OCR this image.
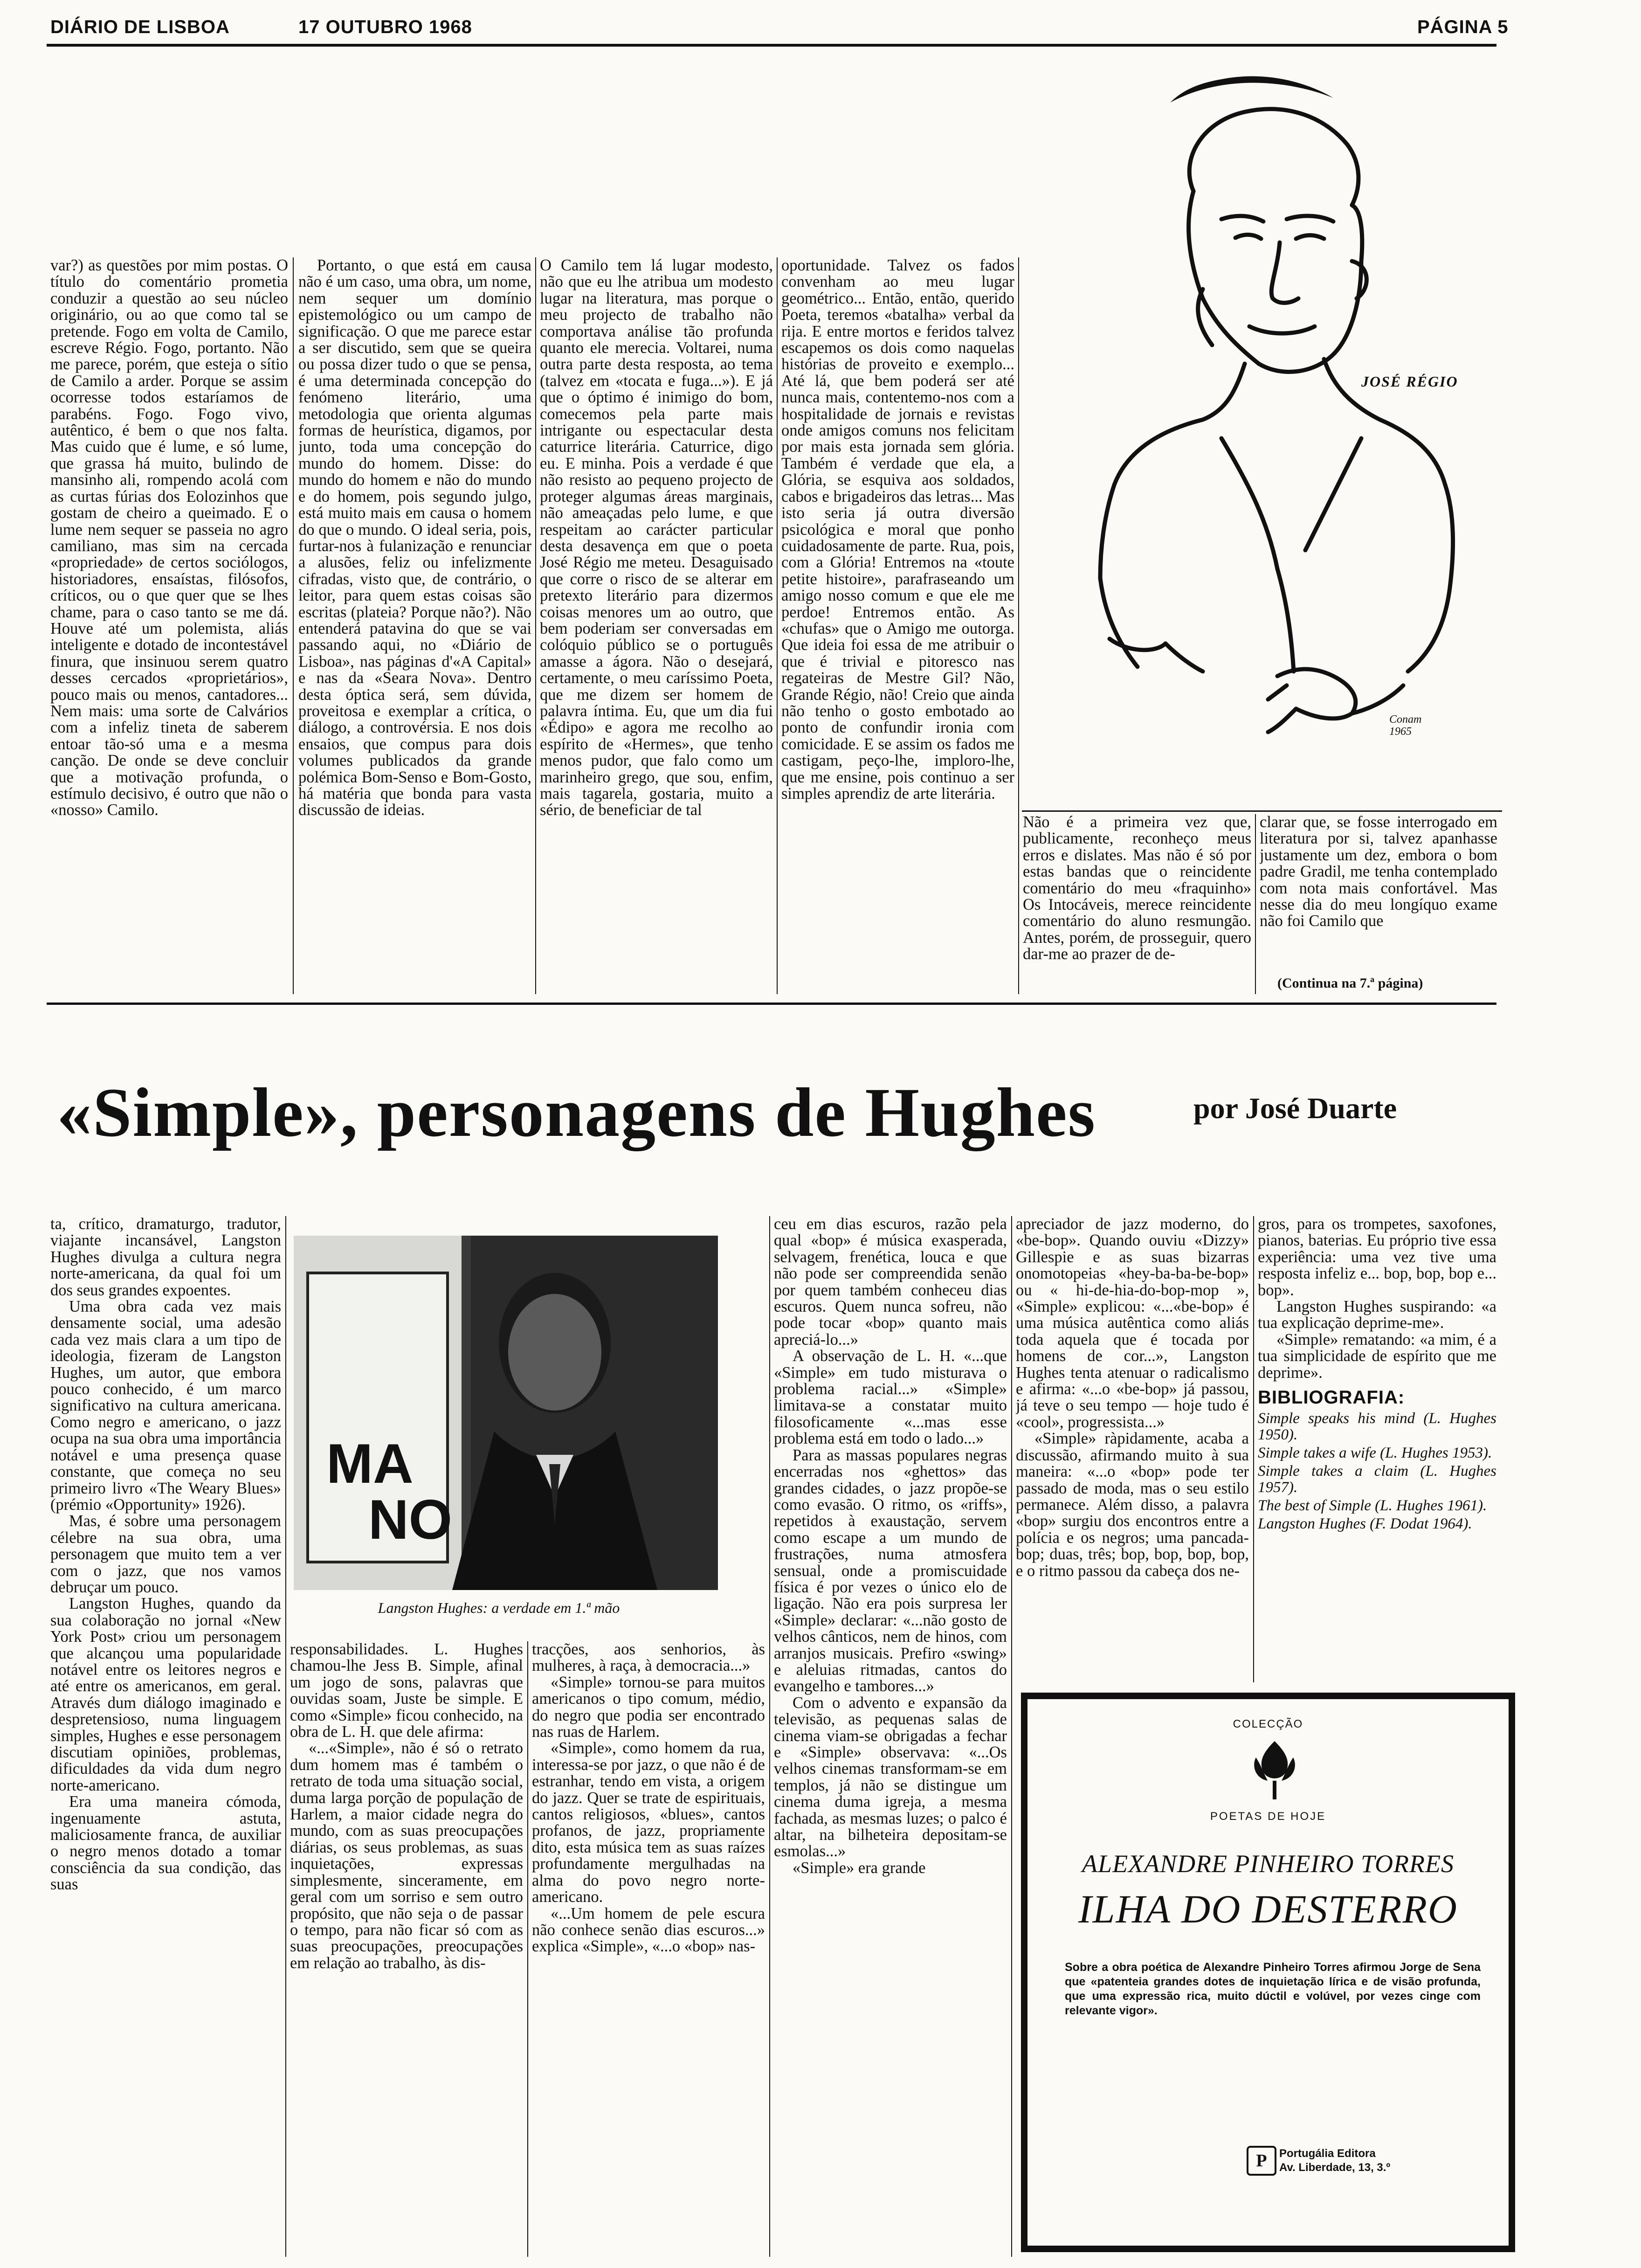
DIÁRIO DE LISBOA	17 OUTUBRO 1968	PÁGINA 5
JOSÉ RÉGIO
Conam 1965

var?) as questões por mim postas. O título do comentário prometia conduzir a questão ao seu núcleo originário, ou ao que como tal se pretende. Fogo em volta de Camilo, escreve Régio. Fogo, portanto. Não me parece, porém, que esteja o sítio de Camilo a arder. Porque se assim ocorresse todos estaríamos de parabéns. Fogo. Fogo vivo, autêntico, é bem o que nos falta. Mas cuido que é lume, e só lume, que grassa há muito, bulindo de mansinho ali, rompendo acolá com as curtas fúrias dos Eolozinhos que gostam de cheiro a queimado. E o lume nem sequer se passeia no agro camiliano, mas sim na cercada «propriedade» de certos sociólogos, historiadores, ensaístas, filósofos, críticos, ou o que quer que se lhes chame, para o caso tanto se me dá. Houve até um polemista, aliás inteligente e dotado de incontestável finura, que insinuou serem quatro desses cercados «proprietários», pouco mais ou menos, cantadores... Nem mais: uma sorte de Calvários com a infeliz tineta de saberem entoar tão-só uma e a mesma canção. De onde se deve concluir que a motivação profunda, o estímulo decisivo, é outro que não o «nosso» Camilo.

Portanto, o que está em causa não é um caso, uma obra, um nome, nem sequer um domínio epistemológico ou um campo de significação. O que me parece estar a ser discutido, sem que se queira ou possa dizer tudo o que se pensa, é uma determinada concepção do fenómeno literário, uma metodologia que orienta algumas formas de heurística, digamos, por junto, toda uma concepção do mundo do homem. Disse: do mundo do homem e não do mundo e do homem, pois segundo julgo, está muito mais em causa o homem do que o mundo. O ideal seria, pois, furtar-nos à fulanização e renunciar a alusões, feliz ou infelizmente cifradas, visto que, de contrário, o leitor, para quem estas coisas são escritas (plateia? Porque não?). Não entenderá patavina do que se vai passando aqui, no «Diário de Lisboa», nas páginas d'«A Capital» e nas da «Seara Nova». Dentro desta óptica será, sem dúvida, proveitosa e exemplar a crítica, o diálogo, a controvérsia. E nos dois ensaios, que compus para dois volumes publicados da grande polémica Bom-Senso e Bom-Gosto, há matéria que bonda para vasta discussão de ideias.

O Camilo tem lá lugar modesto, não que eu lhe atribua um modesto lugar na literatura, mas porque o meu projecto de trabalho não comportava análise tão profunda quanto ele merecia. Voltarei, numa outra parte desta resposta, ao tema (talvez em «tocata e fuga...»). E já que o óptimo é inimigo do bom, comecemos pela parte mais intrigante ou espectacular desta caturrice literária. Caturrice, digo eu. E minha. Pois a verdade é que não resisto ao pequeno projecto de proteger algumas áreas marginais, não ameaçadas pelo lume, e que respeitam ao carácter particular desta desavença em que o poeta José Régio me meteu. Desaguisado que corre o risco de se alterar em pretexto literário para dizermos coisas menores um ao outro, que bem poderiam ser conversadas em colóquio público se o português amasse a ágora. Não o desejará, certamente, o meu caríssimo Poeta, que me dizem ser homem de palavra íntima. Eu, que um dia fui «Édipo» e agora me recolho ao espírito de «Hermes», que tenho menos pudor, que falo como um marinheiro grego, que sou, enfim, mais tagarela, gostaria, muito a sério, de beneficiar de tal

oportunidade. Talvez os fados convenham ao meu lugar geométrico... Então, então, querido Poeta, teremos «batalha» verbal da rija. E entre mortos e feridos talvez escapemos os dois como naquelas histórias de proveito e exemplo... Até lá, que bem poderá ser até nunca mais, contentemo-nos com a hospitalidade de jornais e revistas onde amigos comuns nos felicitam por mais esta jornada sem glória. Também é verdade que ela, a Glória, se esquiva aos soldados, cabos e brigadeiros das letras... Mas isto seria já outra diversão psicológica e moral que ponho cuidadosamente de parte. Rua, pois, com a Glória! Entremos na «toute petite histoire», parafraseando um amigo nosso comum e que ele me perdoe! Entremos então. As «chufas» que o Amigo me outorga. Que ideia foi essa de me atribuir o que é trivial e pitoresco nas regateiras de Mestre Gil? Não, Grande Régio, não! Creio que ainda não tenho o gosto embotado ao ponto de confundir ironia com comicidade. E se assim os fados me castigam, peço-lhe, imploro-lhe, que me ensine, pois continuo a ser simples aprendiz de arte literária.

Não é a primeira vez que, publicamente, reconheço meus erros e dislates. Mas não é só por estas bandas que o reincidente comentário do meu «fraquinho» Os Intocáveis, merece reincidente comentário do aluno resmungão. Antes, porém, de prosseguir, quero dar-me ao prazer de de-

clarar que, se fosse interrogado em literatura por si, talvez apanhasse justamente um dez, embora o bom padre Gradil, me tenha contemplado com nota mais confortável. Mas nesse dia do meu longíquo exame não foi Camilo que

(Continua na 7.ª página)
«Simple», personagens de Hughes	por José Duarte

ta, crítico, dramaturgo, tradutor, viajante incansável, Langston Hughes divulga a cultura negra norte-americana, da qual foi um dos seus grandes expoentes.

Uma obra cada vez mais densamente social, uma adesão cada vez mais clara a um tipo de ideologia, fizeram de Langston Hughes, um autor, que embora pouco conhecido, é um marco significativo na cultura americana. Como negro e americano, o jazz ocupa na sua obra uma importância notável e uma presença quase constante, que começa no seu primeiro livro «The Weary Blues» (prémio «Opportunity» 1926).

Mas, é sobre uma personagem célebre na sua obra, uma personagem que muito tem a ver com o jazz, que nos vamos debruçar um pouco.

Langston Hughes, quando da sua colaboração no jornal «New York Post» criou um personagem que alcançou uma popularidade notável entre os leitores negros e até entre os americanos, em geral. Através dum diálogo imaginado e despretensioso, numa linguagem simples, Hughes e esse personagem discutiam opiniões, problemas, dificuldades da vida dum negro norte-americano.

Era uma maneira cómoda, ingenuamente astuta, maliciosamente franca, de auxiliar o negro menos dotado a tomar consciência da sua condição, das suas

MA
NO
Langston Hughes: a verdade em 1.ª mão

responsabilidades. L. Hughes chamou-lhe Jess B. Simple, afinal um jogo de sons, palavras que ouvidas soam, Juste be simple. E como «Simple» ficou conhecido, na obra de L. H. que dele afirma:

«...«Simple», não é só o retrato dum homem mas é também o retrato de toda uma situação social, duma larga porção de população de Harlem, a maior cidade negra do mundo, com as suas preocupações diárias, os seus problemas, as suas inquietações, expressas simplesmente, sinceramente, em geral com um sorriso e sem outro propósito, que não seja o de passar o tempo, para não ficar só com as suas preocupações, preocupações em relação ao trabalho, às dis-

tracções, aos senhorios, às mulheres, à raça, à democracia...»

«Simple» tornou-se para muitos americanos o tipo comum, médio, do negro que podia ser encontrado nas ruas de Harlem.

«Simple», como homem da rua, interessa-se por jazz, o que não é de estranhar, tendo em vista, a origem do jazz. Quer se trate de espirituais, cantos religiosos, «blues», cantos profanos, de jazz, propriamente dito, esta música tem as suas raízes profundamente mergulhadas na alma do povo negro norte-americano.

«...Um homem de pele escura não conhece senão dias escuros...» explica «Simple», «...o «bop» nas-

ceu em dias escuros, razão pela qual «bop» é música exasperada, selvagem, frenética, louca e que não pode ser compreendida senão por quem também conheceu dias escuros. Quem nunca sofreu, não pode tocar «bop» quanto mais apreciá-lo...»

A observação de L. H. «...que «Simple» em tudo misturava o problema racial...» «Simple» limitava-se a constatar muito filosoficamente «...mas esse problema está em todo o lado...»

Para as massas populares negras encerradas nos «ghettos» das grandes cidades, o jazz propõe-se como evasão. O ritmo, os «riffs», repetidos à exaustação, servem como escape a um mundo de frustrações, numa atmosfera sensual, onde a promiscuidade física é por vezes o único elo de ligação. Não era pois surpresa ler «Simple» declarar: «...não gosto de velhos cânticos, nem de hinos, com arranjos musicais. Prefiro «swing» e aleluias ritmadas, cantos do evangelho e tambores...»

Com o advento e expansão da televisão, as pequenas salas de cinema viam-se obrigadas a fechar e «Simple» observava: «...Os velhos cinemas transformam-se em templos, já não se distingue um cinema duma igreja, a mesma fachada, as mesmas luzes; o palco é altar, na bilheteira depositam-se esmolas...»

«Simple» era grande

apreciador de jazz moderno, do «be-bop». Quando ouviu «Dizzy» Gillespie e as suas bizarras onomotopeias «hey-ba-ba-be-bop» ou « hi-de-hia-do-bop-mop », «Simple» explicou: «...«be-bop» é uma música autêntica como aliás toda aquela que é tocada por homens de cor...», Langston Hughes tenta atenuar o radicalismo e afirma: «...o «be-bop» já passou, já teve o seu tempo — hoje tudo é «cool», progressista...»

«Simple» ràpidamente, acaba a discussão, afirmando muito à sua maneira: «...o «bop» pode ter passado de moda, mas o seu estilo permanece. Além disso, a palavra «bop» surgiu dos encontros entre a polícia e os negros; uma pancada-bop; duas, três; bop, bop, bop, bop, e o ritmo passou da cabeça dos ne-

gros, para os trompetes, saxofones, pianos, baterias. Eu próprio tive essa experiência: uma vez tive uma resposta infeliz e... bop, bop, bop e... bop».

Langston Hughes suspirando: «a tua explicação deprime-me».

«Simple» rematando: «a mim, é a tua simplicidade de espírito que me deprime».

BIBLIOGRAFIA:
Simple speaks his mind (L. Hughes 1950).
Simple takes a wife (L. Hughes 1953).
Simple takes a claim (L. Hughes 1957).
The best of Simple (L. Hughes 1961).
Langston Hughes (F. Dodat 1964).
COLECÇÃO
POETAS DE HOJE
ALEXANDRE PINHEIRO TORRES
ILHA DO DESTERRO
Sobre a obra poética de Alexandre Pinheiro Torres afirmou Jorge de Sena que «patenteia grandes dotes de inquietação lírica e de visão profunda, que uma expressão rica, muito dúctil e volúvel, por vezes cinge com relevante vigor».
P	Portugália Editora
Av. Liberdade, 13, 3.º
